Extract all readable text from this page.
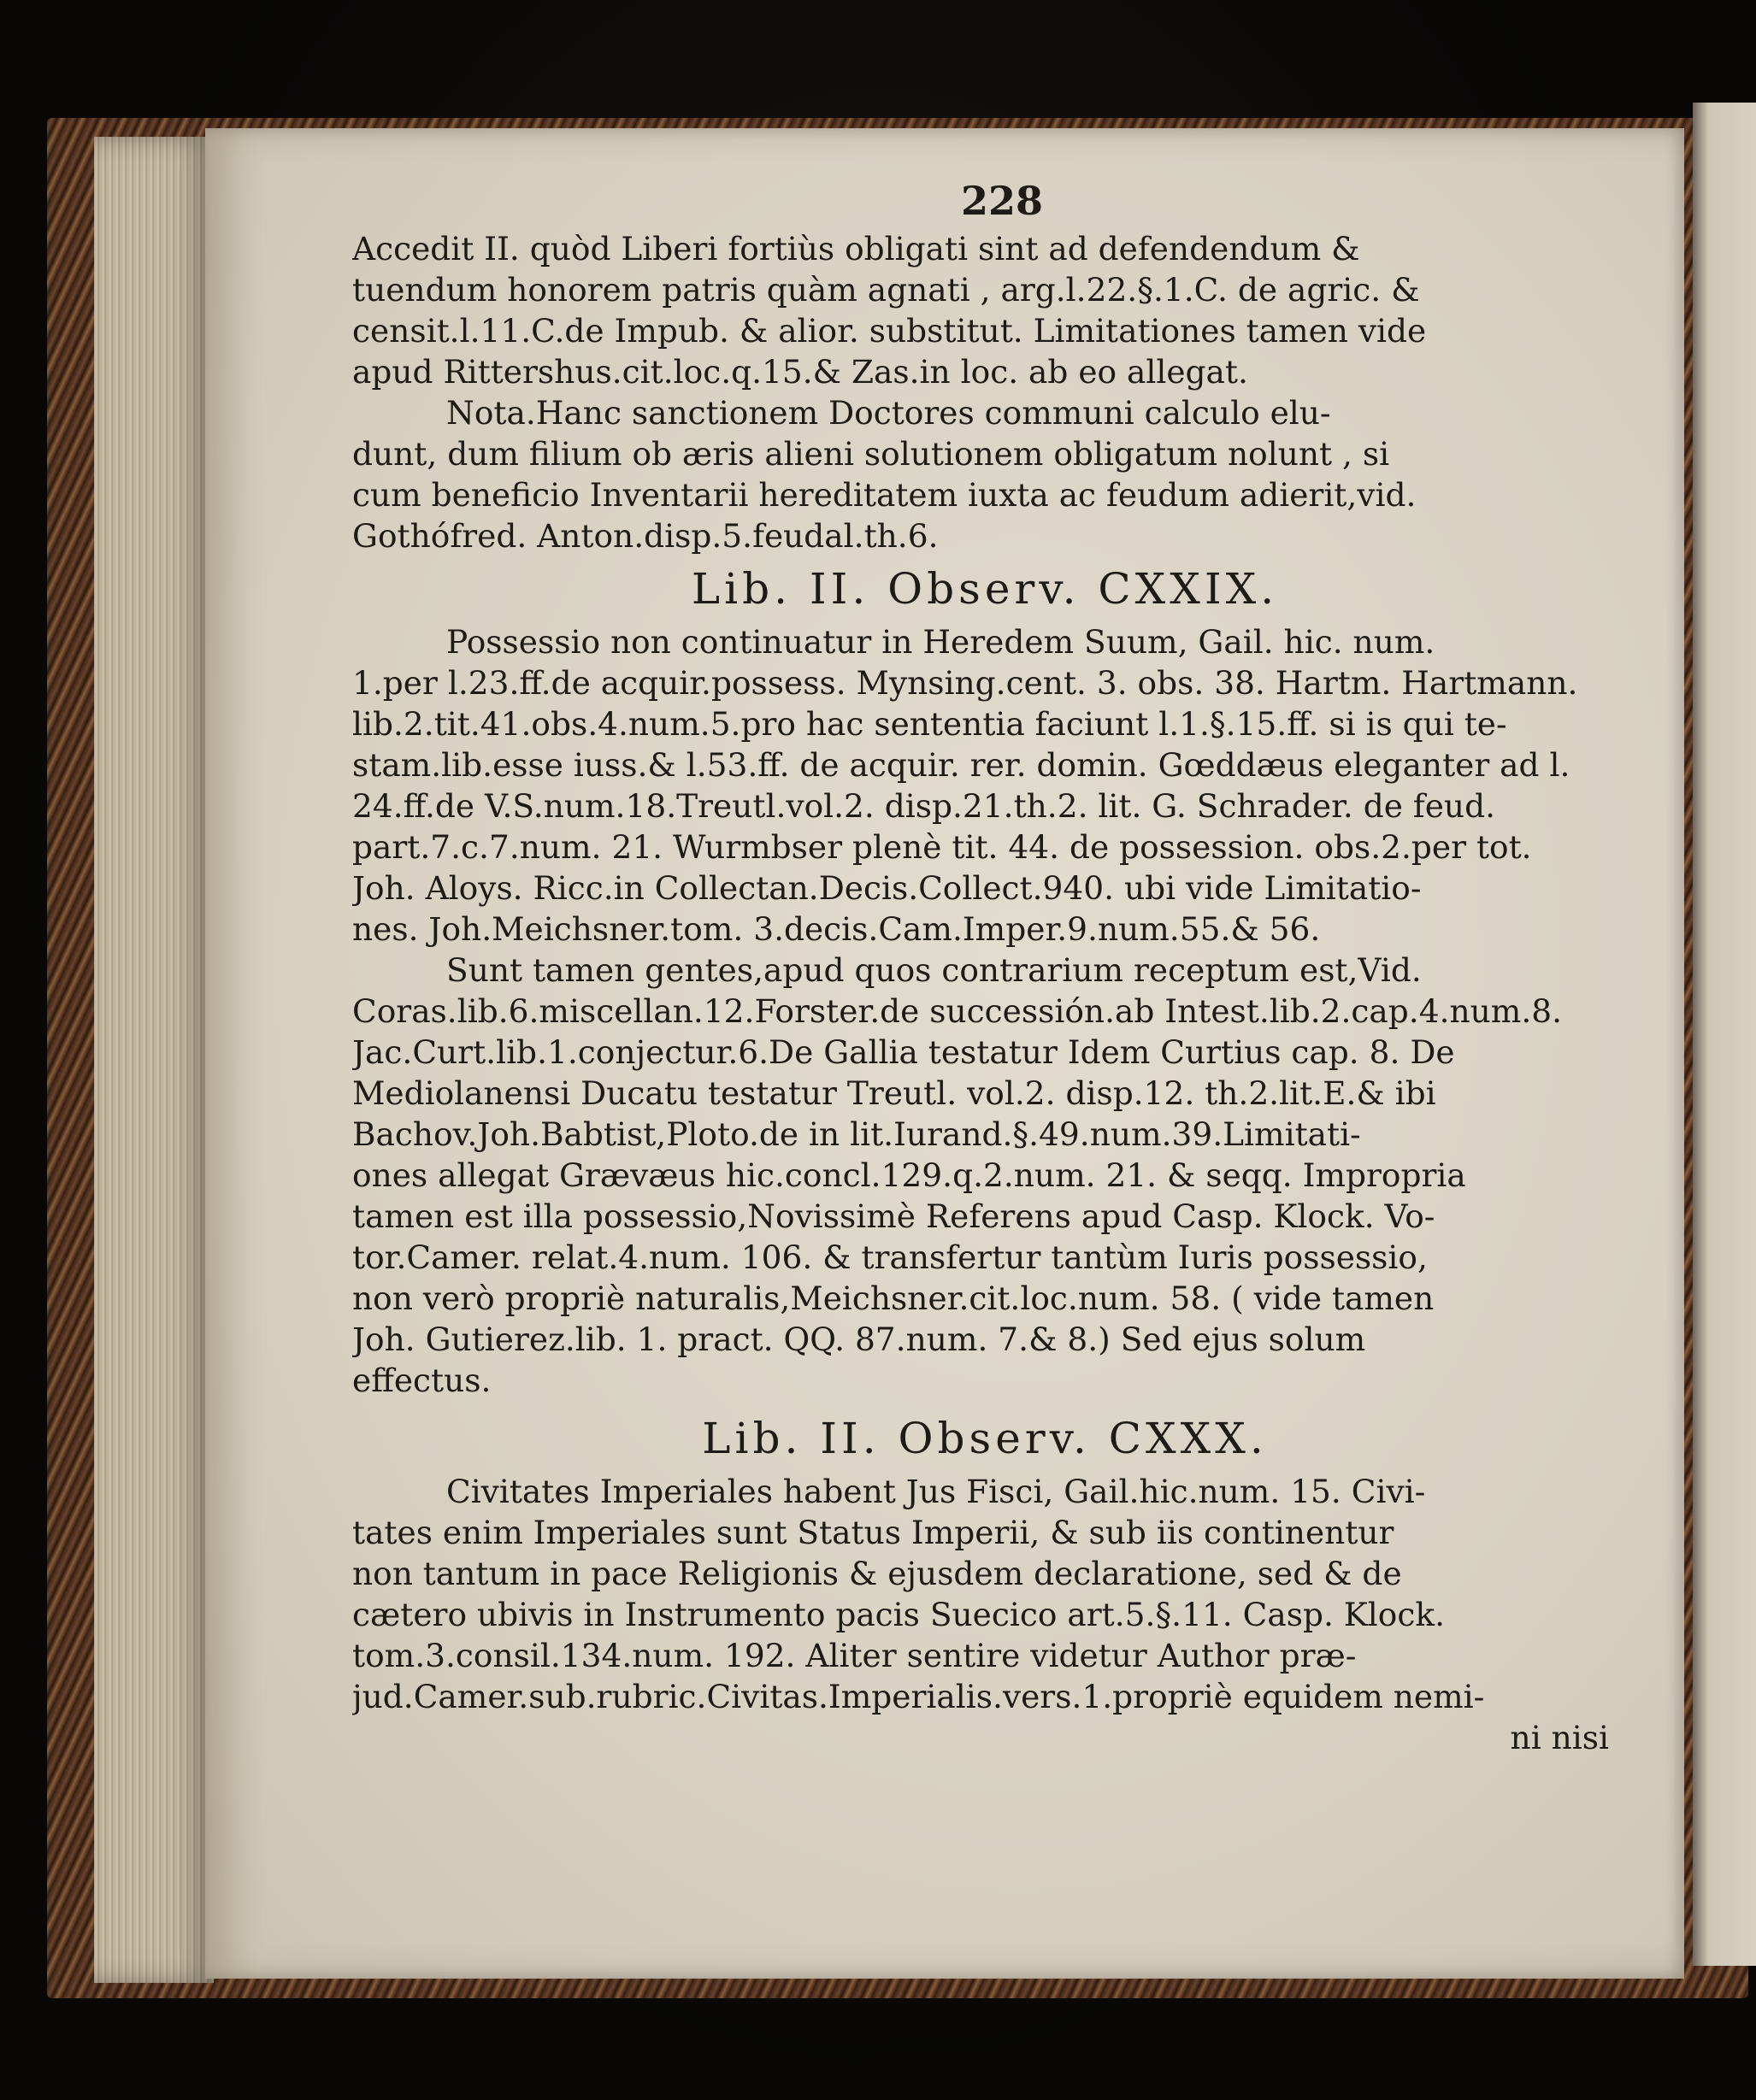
228
Accedit II. quòd Liberi fortiùs obligati sint ad defendendum &
tuendum honorem patris quàm agnati , arg.l.22.§.1.C. de agric. &
censit.l.11.C.de Impub. & alior. substitut. Limitationes tamen vide
apud Rittershus.cit.loc.q.15.& Zas.in loc. ab eo allegat.
Nota.Hanc sanctionem Doctores communi calculo elu-
dunt, dum filium ob æris alieni solutionem obligatum nolunt , si
cum beneficio Inventarii hereditatem iuxta ac feudum adierit,vid.
Gothófred. Anton.disp.5.feudal.th.6.
Lib. II. Observ. CXXIX.
Possessio non continuatur in Heredem Suum, Gail. hic. num.
1.per l.23.ff.de acquir.possess. Mynsing.cent. 3. obs. 38. Hartm. Hartmann.
lib.2.tit.41.obs.4.num.5.pro hac sententia faciunt l.1.§.15.ff. si is qui te-
stam.lib.esse iuss.& l.53.ff. de acquir. rer. domin. Gœddæus eleganter ad l.
24.ff.de V.S.num.18.Treutl.vol.2. disp.21.th.2. lit. G. Schrader. de feud.
part.7.c.7.num. 21. Wurmbser plenè tit. 44. de possession. obs.2.per tot.
Joh. Aloys. Ricc.in Collectan.Decis.Collect.940. ubi vide Limitatio-
nes. Joh.Meichsner.tom. 3.decis.Cam.Imper.9.num.55.& 56.
Sunt tamen gentes,apud quos contrarium receptum est,Vid.
Coras.lib.6.miscellan.12.Forster.de successión.ab Intest.lib.2.cap.4.num.8.
Jac.Curt.lib.1.conjectur.6.De Gallia testatur Idem Curtius cap. 8. De
Mediolanensi Ducatu testatur Treutl. vol.2. disp.12. th.2.lit.E.& ibi
Bachov.Joh.Babtist,Ploto.de in lit.Iurand.§.49.num.39.Limitati-
ones allegat Grævæus hic.concl.129.q.2.num. 21. & seqq. Impropria
tamen est illa possessio,Novissimè Referens apud Casp. Klock. Vo-
tor.Camer. relat.4.num. 106. & transfertur tantùm Iuris possessio,
non verò propriè naturalis,Meichsner.cit.loc.num. 58. ( vide tamen
Joh. Gutierez.lib. 1. pract. QQ. 87.num. 7.& 8.) Sed ejus solum
effectus.
Lib. II. Observ. CXXX.
Civitates Imperiales habent Jus Fisci, Gail.hic.num. 15. Civi-
tates enim Imperiales sunt Status Imperii, & sub iis continentur
non tantum in pace Religionis & ejusdem declaratione, sed & de
cætero ubivis in Instrumento pacis Suecico art.5.§.11. Casp. Klock.
tom.3.consil.134.num. 192. Aliter sentire videtur Author præ-
jud.Camer.sub.rubric.Civitas.Imperialis.vers.1.propriè equidem nemi-
ni nisi
